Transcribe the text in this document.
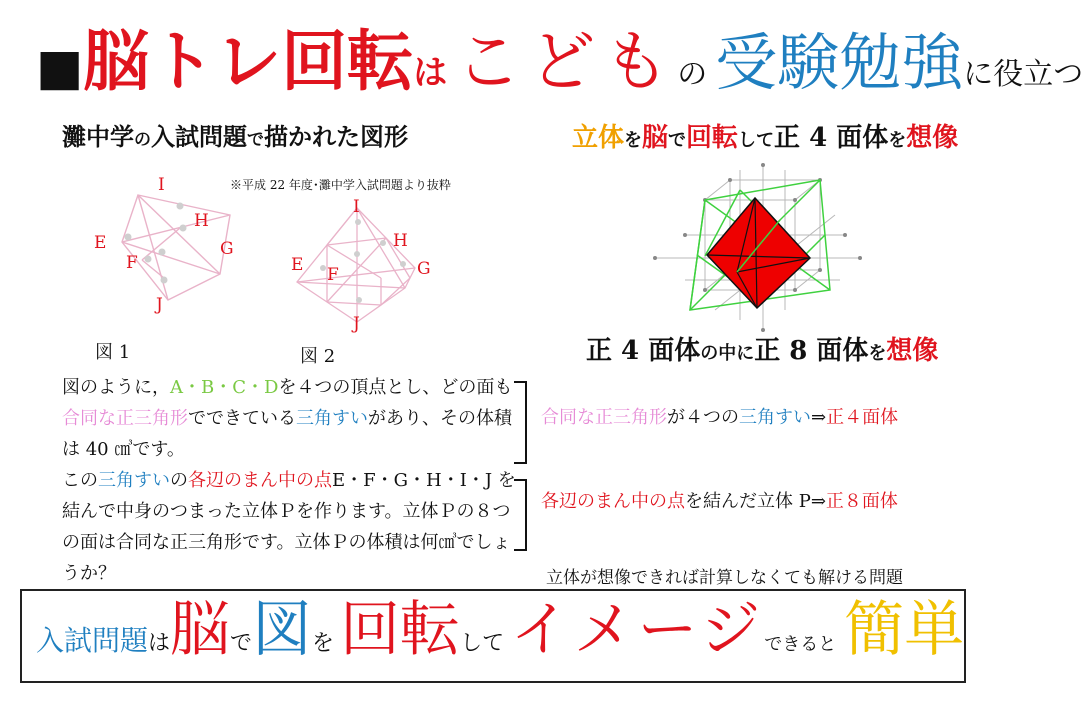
■ 脳トレ回転 は こども の 受験勉強 に役立つ
灘中学の入試問題で描かれた図形
※平成 22 年度･灘中学入試問題より抜粋
I
H
E	G
F
J
図 1
I
H
E	G
F
J
図 2
立体を脳で回転して正 4 面体を想像
正 4 面体の中に正 8 面体を想像
図のように，A・B・C・Dを４つの頂点とし、どの面も合同な正三角形でできている三角すいがあり、その体積は 40 ㎤です。
この三角すいの各辺のまん中の点E・F・G・H・I・J を結んで中身のつまった立体Ｐを作ります。立体Ｐの８つの面は合同な正三角形です。立体Ｐの体積は何㎤でしょうか？
合同な正三角形が４つの三角すい⇒正４面体
各辺のまん中の点を結んだ立体 P⇒正８面体
立体が想像できれば計算しなくても解ける問題
入試問題 は 脳 で 図 を 回転 して イメージ できると 簡単
